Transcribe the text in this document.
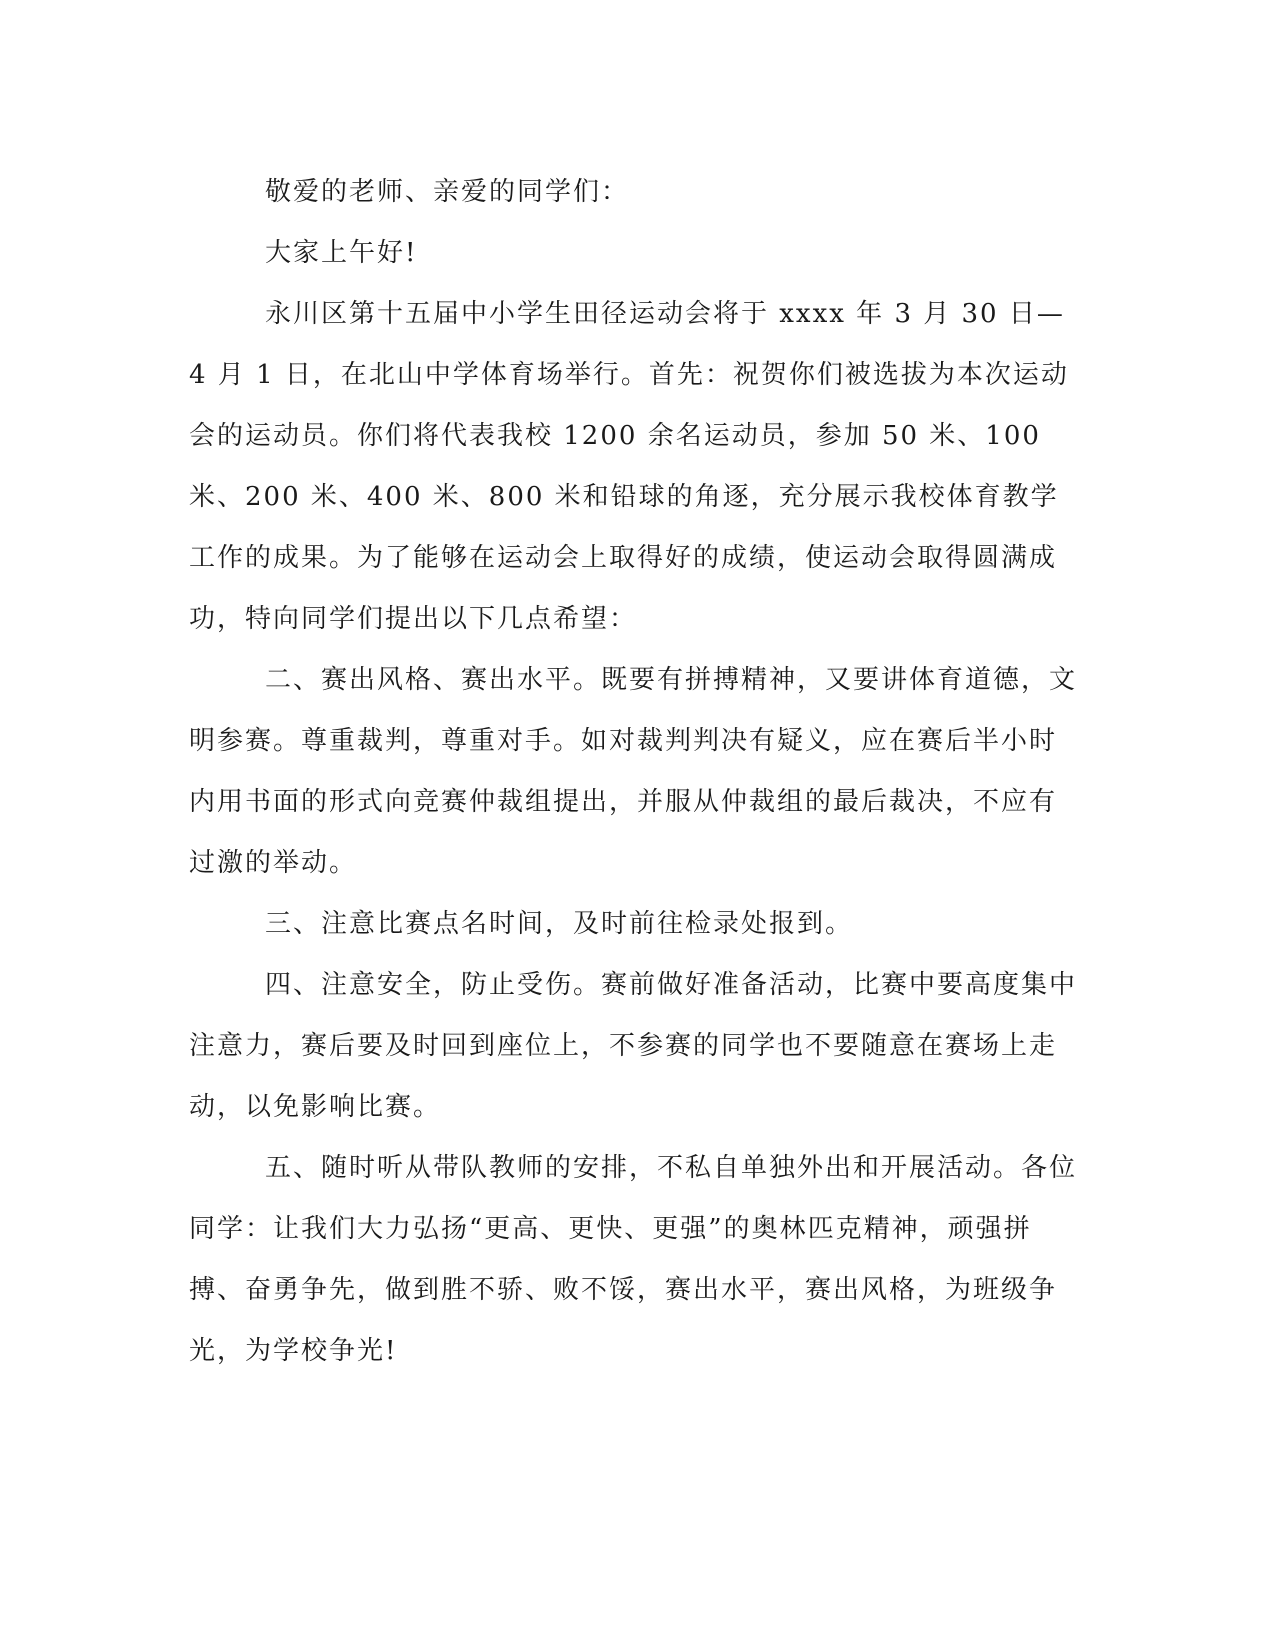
敬爱的老师、亲爱的同学们：

大家上午好!

永川区第十五届中小学生田径运动会将于 xxxx 年 3 月 30 日—4 月 1 日，在北山中学体育场举行。首先：祝贺你们被选拔为本次运动会的运动员。你们将代表我校 1200 余名运动员，参加 50 米、100 米、200 米、400 米、800 米和铅球的角逐，充分展示我校体育教学工作的成果。为了能够在运动会上取得好的成绩，使运动会取得圆满成功，特向同学们提出以下几点希望：

二、赛出风格、赛出水平。既要有拼搏精神，又要讲体育道德，文明参赛。尊重裁判，尊重对手。如对裁判判决有疑义，应在赛后半小时内用书面的形式向竞赛仲裁组提出，并服从仲裁组的最后裁决，不应有过激的举动。

三、注意比赛点名时间，及时前往检录处报到。

四、注意安全，防止受伤。赛前做好准备活动，比赛中要高度集中注意力，赛后要及时回到座位上，不参赛的同学也不要随意在赛场上走动，以免影响比赛。

五、随时听从带队教师的安排，不私自单独外出和开展活动。各位同学：让我们大力弘扬“更高、更快、更强”的奥林匹克精神，顽强拼搏、奋勇争先，做到胜不骄、败不馁，赛出水平，赛出风格，为班级争光，为学校争光!
